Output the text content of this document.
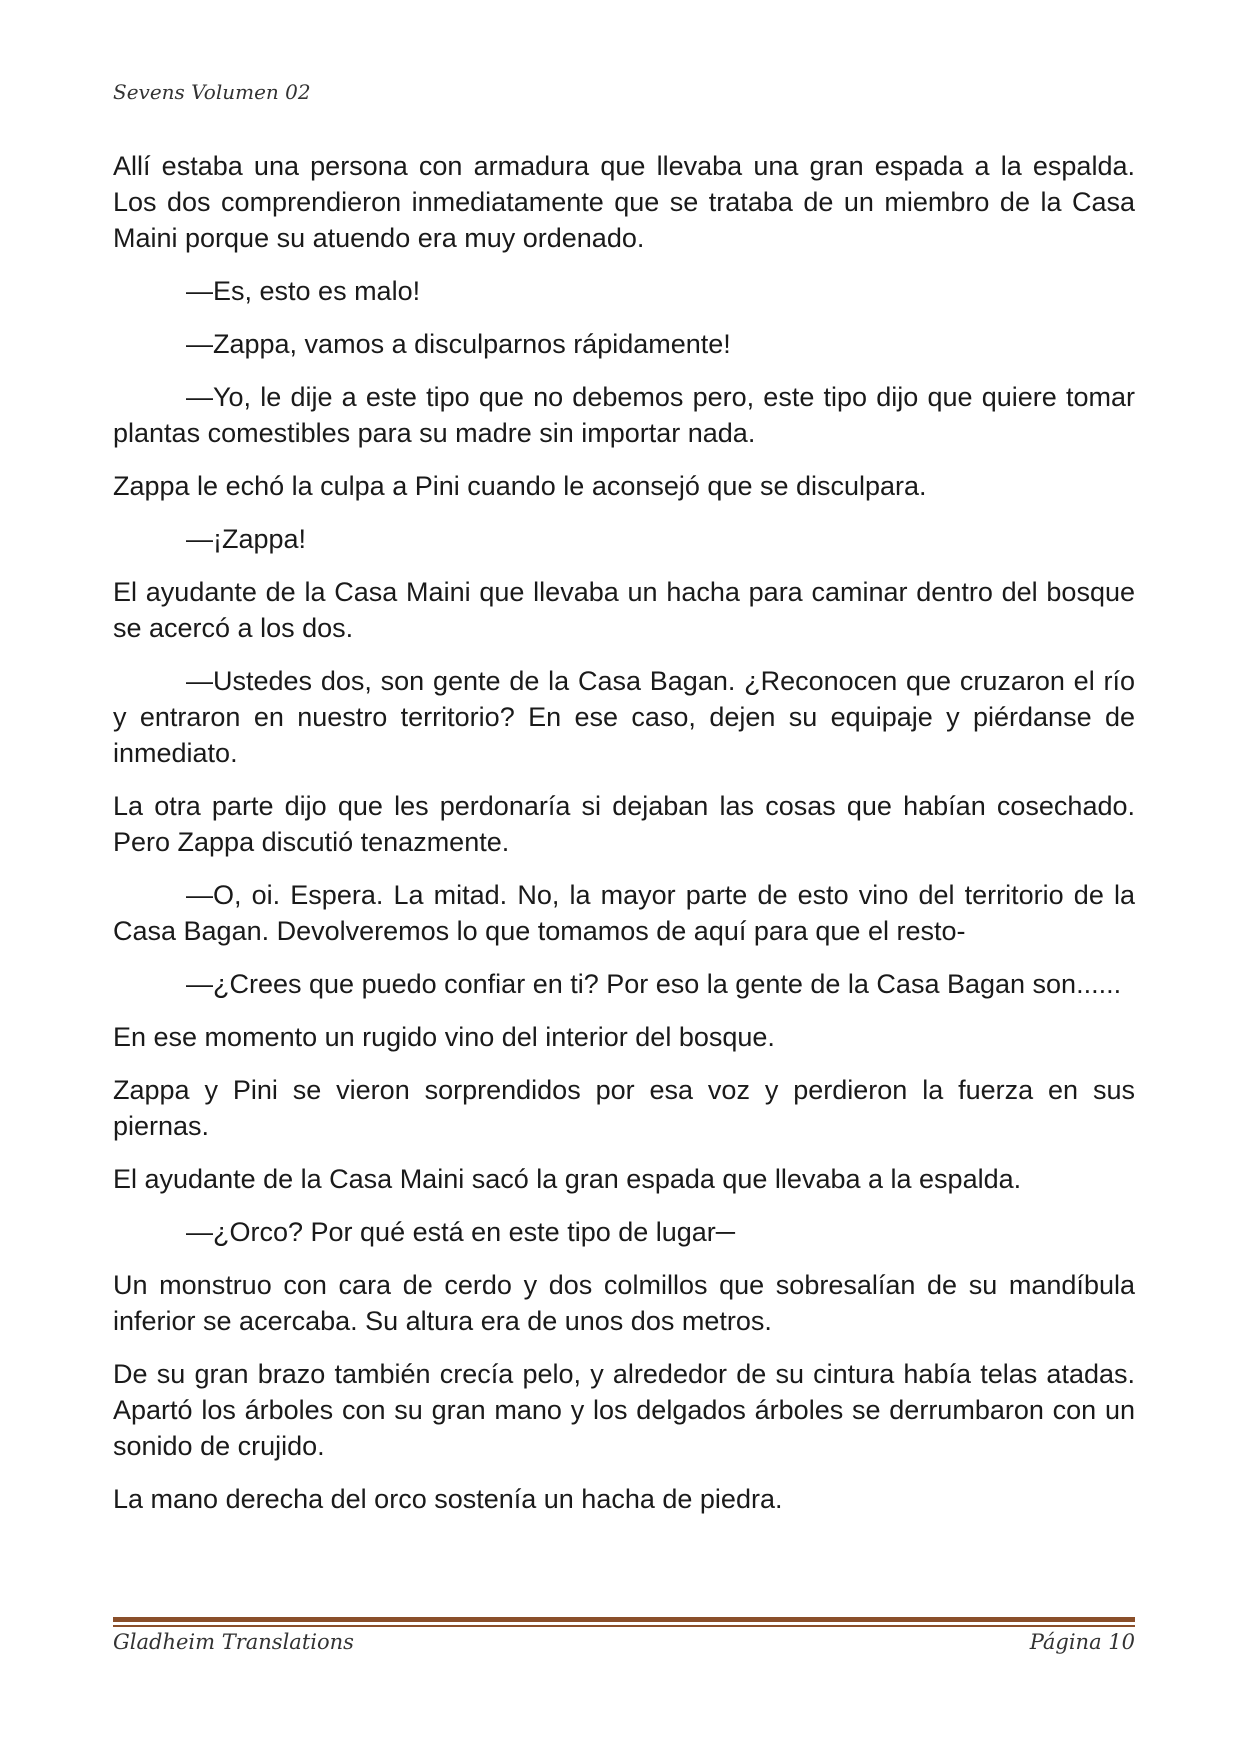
Sevens Volumen 02

Allí estaba una persona con armadura que llevaba una gran espada a la espalda. Los dos comprendieron inmediatamente que se trataba de un miembro de la Casa Maini porque su atuendo era muy ordenado.

—Es, esto es malo!

—Zappa, vamos a disculparnos rápidamente!

—Yo, le dije a este tipo que no debemos pero, este tipo dijo que quiere tomar plantas comestibles para su madre sin importar nada.

Zappa le echó la culpa a Pini cuando le aconsejó que se disculpara.

—¡Zappa!

El ayudante de la Casa Maini que llevaba un hacha para caminar dentro del bosque se acercó a los dos.

—Ustedes dos, son gente de la Casa Bagan. ¿Reconocen que cruzaron el río y entraron en nuestro territorio? En ese caso, dejen su equipaje y piérdanse de inmediato.

La otra parte dijo que les perdonaría si dejaban las cosas que habían cosechado. Pero Zappa discutió tenazmente.

—O, oi. Espera. La mitad. No, la mayor parte de esto vino del territorio de la Casa Bagan. Devolveremos lo que tomamos de aquí para que el resto-

—¿Crees que puedo confiar en ti? Por eso la gente de la Casa Bagan son......

En ese momento un rugido vino del interior del bosque.

Zappa y Pini se vieron sorprendidos por esa voz y perdieron la fuerza en sus piernas.

El ayudante de la Casa Maini sacó la gran espada que llevaba a la espalda.

—¿Orco? Por qué está en este tipo de lugar─

Un monstruo con cara de cerdo y dos colmillos que sobresalían de su mandíbula inferior se acercaba. Su altura era de unos dos metros.

De su gran brazo también crecía pelo, y alrededor de su cintura había telas atadas. Apartó los árboles con su gran mano y los delgados árboles se derrumbaron con un sonido de crujido.

La mano derecha del orco sostenía un hacha de piedra.

Gladheim Translations	Página 10
